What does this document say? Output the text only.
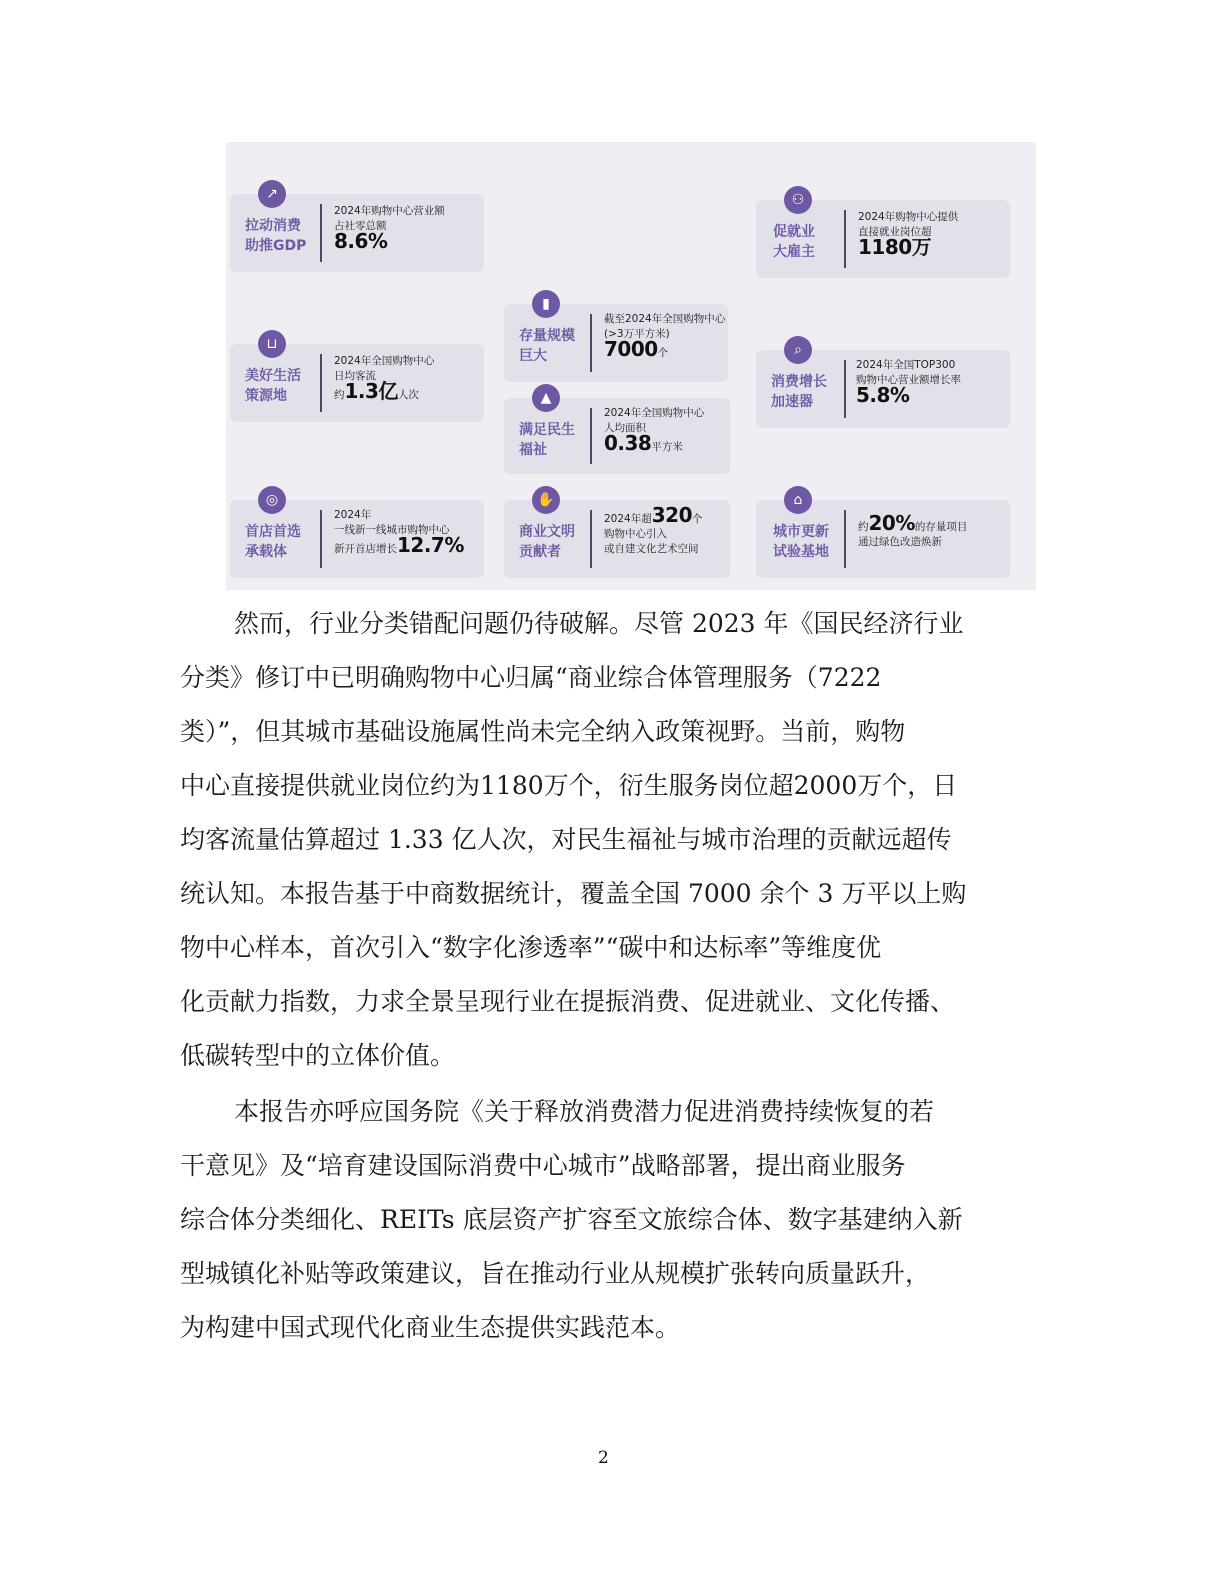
↗
拉动消费
助推GDP
2024年购物中心营业额
占社零总额
8.6%
⚇
促就业
大雇主
2024年购物中心提供
直接就业岗位超
1180万
▮
存量规模
巨大
截至2024年全国购物中心
(>3万平方米)
7000个
⊔
美好生活
策源地
2024年全国购物中心
日均客流
约1.3亿人次
⌕
消费增长
加速器
2024年全国TOP300
购物中心营业额增长率
5.8%
▲
满足民生
福祉
2024年全国购物中心
人均面积
0.38平方米
◎
首店首选
承载体
2024年
一线新一线城市购物中心
新开首店增长12.7%
✋
商业文明
贡献者
2024年超320个
购物中心引入
或自建文化艺术空间
⌂
城市更新
试验基地
约20%的存量项目
通过绿色改造焕新
然而，行业分类错配问题仍待破解。尽管 2023 年《国民经济行业
分类》修订中已明确购物中心归属“商业综合体管理服务（7222
类）”，但其城市基础设施属性尚未完全纳入政策视野。当前，购物
中心直接提供就业岗位约为1180万个，衍生服务岗位超2000万个，日
均客流量估算超过 1.33 亿人次，对民生福祉与城市治理的贡献远超传
统认知。本报告基于中商数据统计，覆盖全国 7000 余个 3 万平以上购
物中心样本，首次引入“数字化渗透率”“碳中和达标率”等维度优
化贡献力指数，力求全景呈现行业在提振消费、促进就业、文化传播、
低碳转型中的立体价值。
本报告亦呼应国务院《关于释放消费潜力促进消费持续恢复的若
干意见》及“培育建设国际消费中心城市”战略部署，提出商业服务
综合体分类细化、REITs 底层资产扩容至文旅综合体、数字基建纳入新
型城镇化补贴等政策建议，旨在推动行业从规模扩张转向质量跃升，
为构建中国式现代化商业生态提供实践范本。
2
